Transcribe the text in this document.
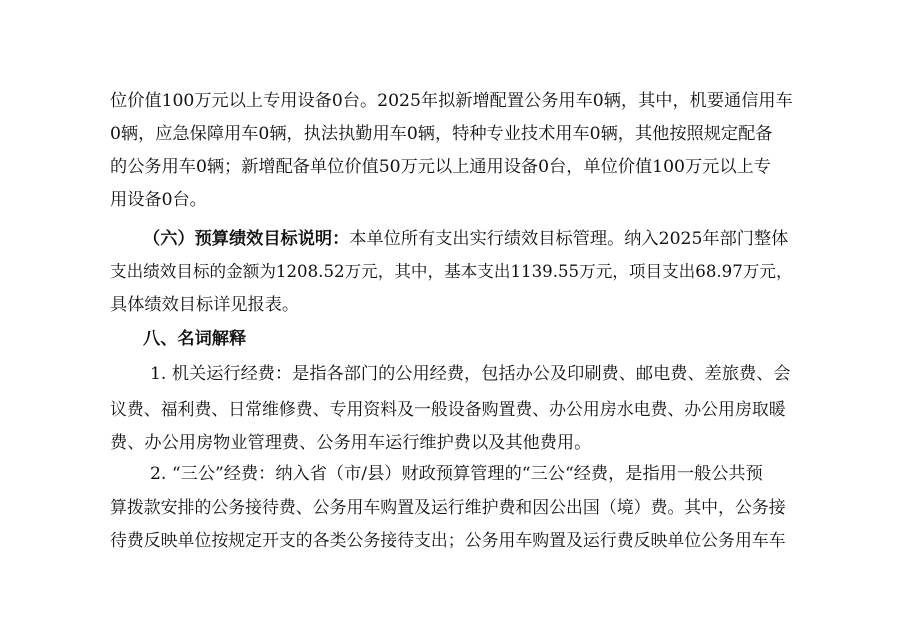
位价值100万元以上专用设备0台。2025年拟新增配置公务用车0辆，其中，机要通信用车
0辆，应急保障用车0辆，执法执勤用车0辆，特种专业技术用车0辆，其他按照规定配备
的公务用车0辆；新增配备单位价值50万元以上通用设备0台，单位价值100万元以上专
用设备0台。
（六）预算绩效目标说明：本单位所有支出实行绩效目标管理。纳入2025年部门整体
支出绩效目标的金额为1208.52万元，其中，基本支出1139.55万元，项目支出68.97万元，
具体绩效目标详见报表。
八、名词解释
1. 机关运行经费：是指各部门的公用经费，包括办公及印刷费、邮电费、差旅费、会
议费、福利费、日常维修费、专用资料及一般设备购置费、办公用房水电费、办公用房取暖
费、办公用房物业管理费、公务用车运行维护费以及其他费用。
2. “三公”经费：纳入省（市/县）财政预算管理的“三公“经费，是指用一般公共预
算拨款安排的公务接待费、公务用车购置及运行维护费和因公出国（境）费。其中，公务接
待费反映单位按规定开支的各类公务接待支出；公务用车购置及运行费反映单位公务用车车
